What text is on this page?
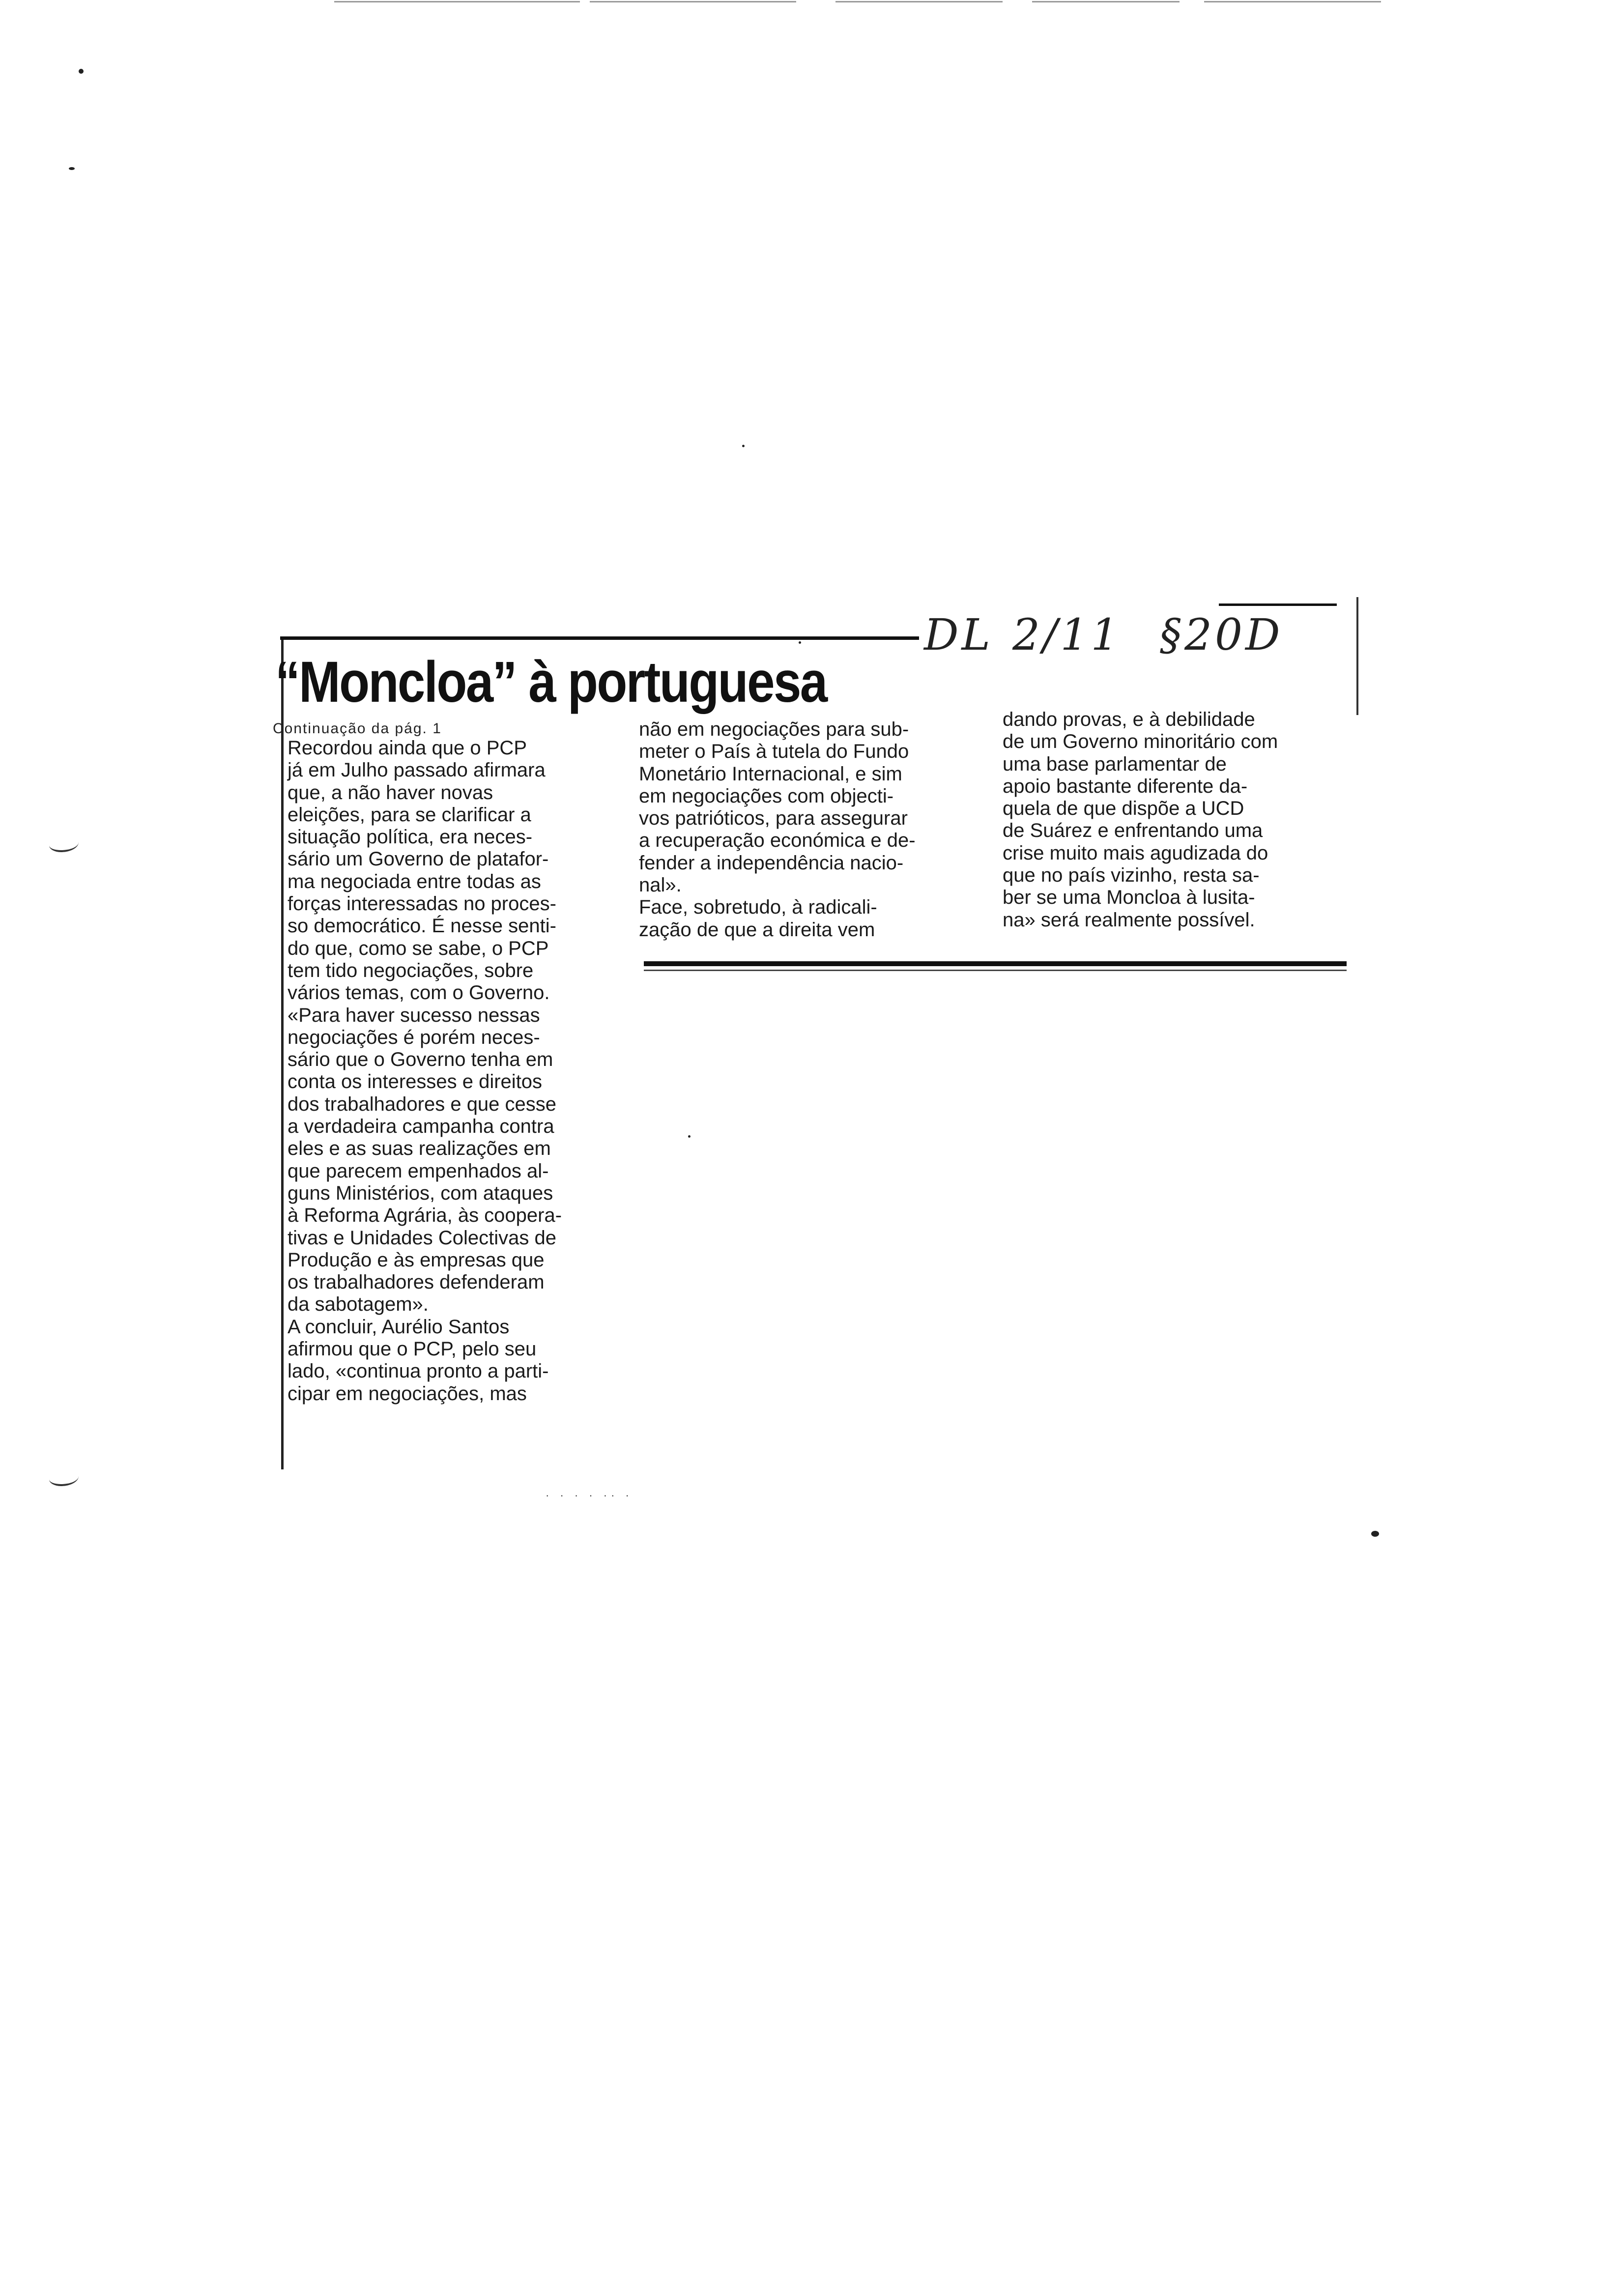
“Moncloa” à portuguesa
DL 2/11 §20D
Continuação da pág. 1
Recordou ainda que o PCP
já em Julho passado afirmara
que, a não haver novas
eleições, para se clarificar a
situação política, era neces-
sário um Governo de platafor-
ma negociada entre todas as
forças interessadas no proces-
so democrático. É nesse senti-
do que, como se sabe, o PCP
tem tido negociações, sobre
vários temas, com o Governo.
«Para haver sucesso nessas
negociações é porém neces-
sário que o Governo tenha em
conta os interesses e direitos
dos trabalhadores e que cesse
a verdadeira campanha contra
eles e as suas realizações em
que parecem empenhados al-
guns Ministérios, com ataques
à Reforma Agrária, às coopera-
tivas e Unidades Colectivas de
Produção e às empresas que
os trabalhadores defenderam
da sabotagem».
A concluir, Aurélio Santos
afirmou que o PCP, pelo seu
lado, «continua pronto a parti-
cipar em negociações, mas
não em negociações para sub-
meter o País à tutela do Fundo
Monetário Internacional, e sim
em negociações com objecti-
vos patrióticos, para assegurar
a recuperação económica e de-
fender a independência nacio-
nal».
Face, sobretudo, à radicali-
zação de que a direita vem
dando provas, e à debilidade
de um Governo minoritário com
uma base parlamentar de
apoio bastante diferente da-
quela de que dispõe a UCD
de Suárez e enfrentando uma
crise muito mais agudizada do
que no país vizinho, resta sa-
ber se uma Moncloa à lusita-
na» será realmente possível.
· · · · ·· ·
